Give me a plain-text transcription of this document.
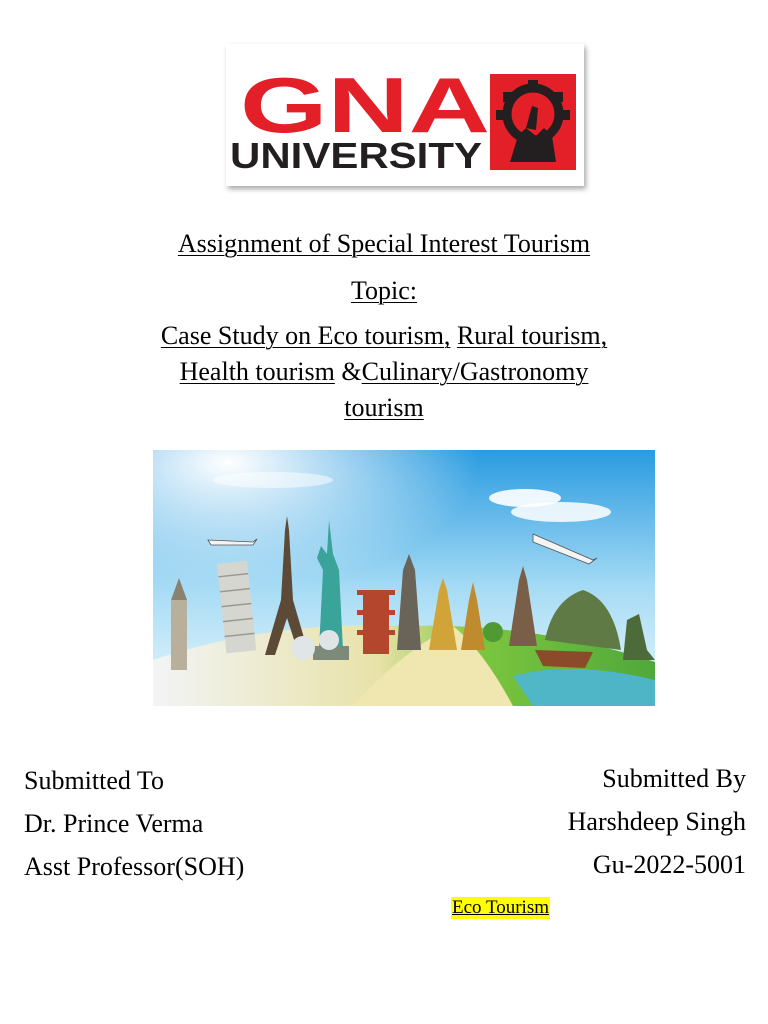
GNA
UNIVERSITY
Assignment of Special Interest Tourism
Topic:
Case Study on Eco tourism, Rural tourism,
Health tourism &Culinary/Gastronomy
tourism
Submitted To
Dr. Prince Verma
Asst Professor(SOH)
Submitted By
Harshdeep Singh
Gu-2022-5001
Eco Tourism
